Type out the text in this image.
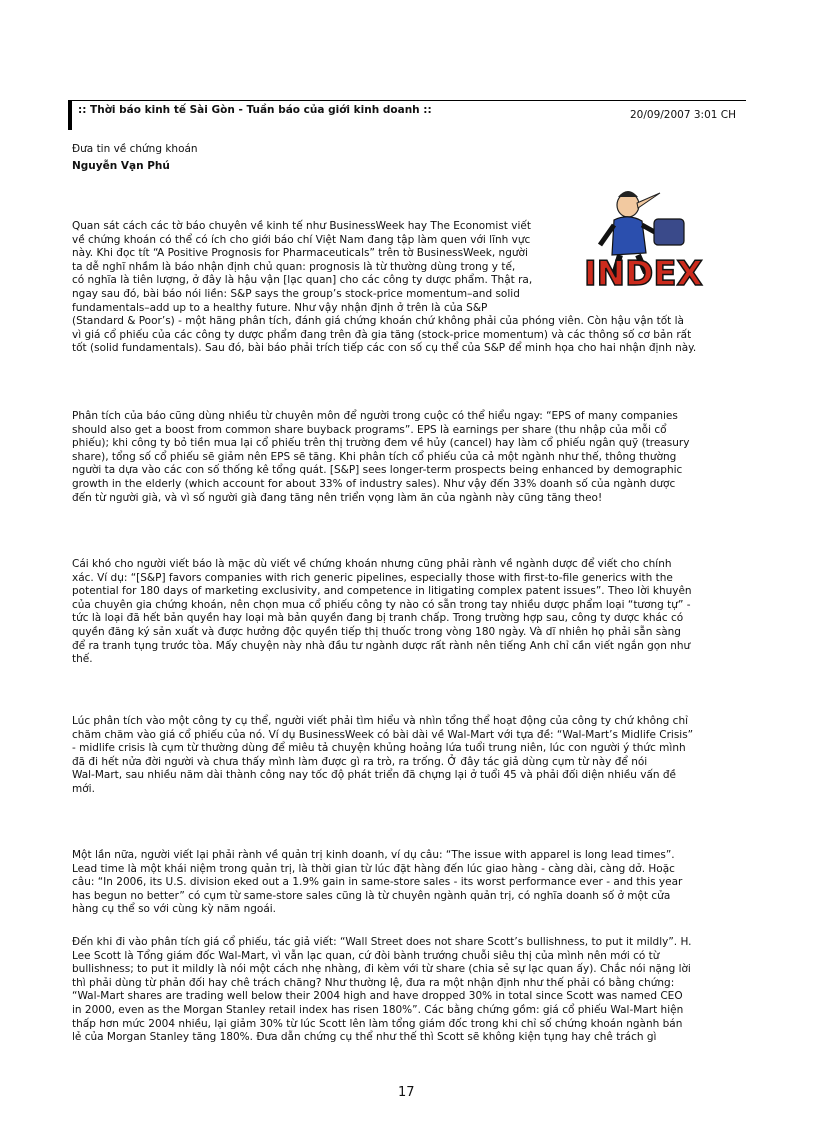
:: Thời báo kinh tế Sài Gòn - Tuần báo của giới kinh doanh ::	20/09/2007 3:01 CH
Đưa tin về chứng khoán
Nguyễn Vạn Phú
INDEX
Quan sát cách các tờ báo chuyên về kinh tế như BusinessWeek hay The Economist viết
về chứng khoán có thể có ích cho giới báo chí Việt Nam đang tập làm quen với lĩnh vực
này. Khi đọc tít “A Positive Prognosis for Pharmaceuticals” trên tờ BusinessWeek, người
ta dễ nghĩ nhầm là báo nhận định chủ quan: prognosis là từ thường dùng trong y tế,
có nghĩa là tiên lượng, ở đây là hậu vận [lạc quan] cho các công ty dược phẩm. Thật ra,
ngay sau đó, bài báo nói liền: S&P says the group’s stock-price momentum–and solid
fundamentals–add up to a healthy future. Như vậy nhận định ở trên là của S&P
(Standard & Poor’s) - một hãng phân tích, đánh giá chứng khoán chứ không phải của phóng viên. Còn hậu vận tốt là
vì giá cổ phiếu của các công ty dược phẩm đang trên đà gia tăng (stock-price momentum) và các thông số cơ bản rất
tốt (solid fundamentals). Sau đó, bài báo phải trích tiếp các con số cụ thể của S&P để minh họa cho hai nhận định này.
Phân tích của báo cũng dùng nhiều từ chuyên môn để người trong cuộc có thể hiểu ngay: “EPS of many companies
should also get a boost from common share buyback programs”. EPS là earnings per share (thu nhập của mỗi cổ
phiếu); khi công ty bỏ tiền mua lại cổ phiếu trên thị trường đem về hủy (cancel) hay làm cổ phiếu ngân quỹ (treasury
share), tổng số cổ phiếu sẽ giảm nên EPS sẽ tăng. Khi phân tích cổ phiếu của cả một ngành như thế, thông thường
người ta dựa vào các con số thống kê tổng quát. [S&P] sees longer-term prospects being enhanced by demographic
growth in the elderly (which account for about 33% of industry sales). Như vậy đến 33% doanh số của ngành dược
đến từ người già, và vì số người già đang tăng nên triển vọng làm ăn của ngành này cũng tăng theo!
Cái khó cho người viết báo là mặc dù viết về chứng khoán nhưng cũng phải rành về ngành dược để viết cho chính
xác. Ví dụ: “[S&P] favors companies with rich generic pipelines, especially those with first-to-file generics with the
potential for 180 days of marketing exclusivity, and competence in litigating complex patent issues”. Theo lời khuyên
của chuyên gia chứng khoán, nên chọn mua cổ phiếu công ty nào có sẵn trong tay nhiều dược phẩm loại “tương tự” -
tức là loại đã hết bản quyền hay loại mà bản quyền đang bị tranh chấp. Trong trường hợp sau, công ty dược khác có
quyền đăng ký sản xuất và được hưởng độc quyền tiếp thị thuốc trong vòng 180 ngày. Và dĩ nhiên họ phải sẵn sàng
để ra tranh tụng trước tòa. Mấy chuyện này nhà đầu tư ngành dược rất rành nên tiếng Anh chỉ cần viết ngắn gọn như
thế.
Lúc phân tích vào một công ty cụ thể, người viết phải tìm hiểu và nhìn tổng thể hoạt động của công ty chứ không chỉ
chăm chăm vào giá cổ phiếu của nó. Ví dụ BusinessWeek có bài dài về Wal-Mart với tựa đề: “Wal-Mart’s Midlife Crisis”
- midlife crisis là cụm từ thường dùng để miêu tả chuyện khủng hoảng lứa tuổi trung niên, lúc con người ý thức mình
đã đi hết nửa đời người và chưa thấy mình làm được gì ra trò, ra trống. Ở đây tác giả dùng cụm từ này để nói
Wal-Mart, sau nhiều năm dài thành công nay tốc độ phát triển đã chựng lại ở tuổi 45 và phải đối diện nhiều vấn đề
mới.
Một lần nữa, người viết lại phải rành về quản trị kinh doanh, ví dụ câu: “The issue with apparel is long lead times”.
Lead time là một khái niệm trong quản trị, là thời gian từ lúc đặt hàng đến lúc giao hàng - càng dài, càng dở. Hoặc
câu: “In 2006, its U.S. division eked out a 1.9% gain in same-store sales - its worst performance ever - and this year
has begun no better” có cụm từ same-store sales cũng là từ chuyên ngành quản trị, có nghĩa doanh số ở một cửa
hàng cụ thể so với cùng kỳ năm ngoái.
Đến khi đi vào phân tích giá cổ phiếu, tác giả viết: “Wall Street does not share Scott’s bullishness, to put it mildly”. H.
Lee Scott là Tổng giám đốc Wal-Mart, vì vẫn lạc quan, cứ đòi bành trướng chuỗi siêu thị của mình nên mới có từ
bullishness; to put it mildly là nói một cách nhẹ nhàng, đi kèm với từ share (chia sẻ sự lạc quan ấy). Chắc nói nặng lời
thì phải dùng từ phản đối hay chê trách chăng? Như thường lệ, đưa ra một nhận định như thế phải có bằng chứng:
“Wal-Mart shares are trading well below their 2004 high and have dropped 30% in total since Scott was named CEO
in 2000, even as the Morgan Stanley retail index has risen 180%”. Các bằng chứng gồm: giá cổ phiếu Wal-Mart hiện
thấp hơn mức 2004 nhiều, lại giảm 30% từ lúc Scott lên làm tổng giám đốc trong khi chỉ số chứng khoán ngành bán
lẻ của Morgan Stanley tăng 180%. Đưa dẫn chứng cụ thể như thế thì Scott sẽ không kiện tụng hay chê trách gì
17
